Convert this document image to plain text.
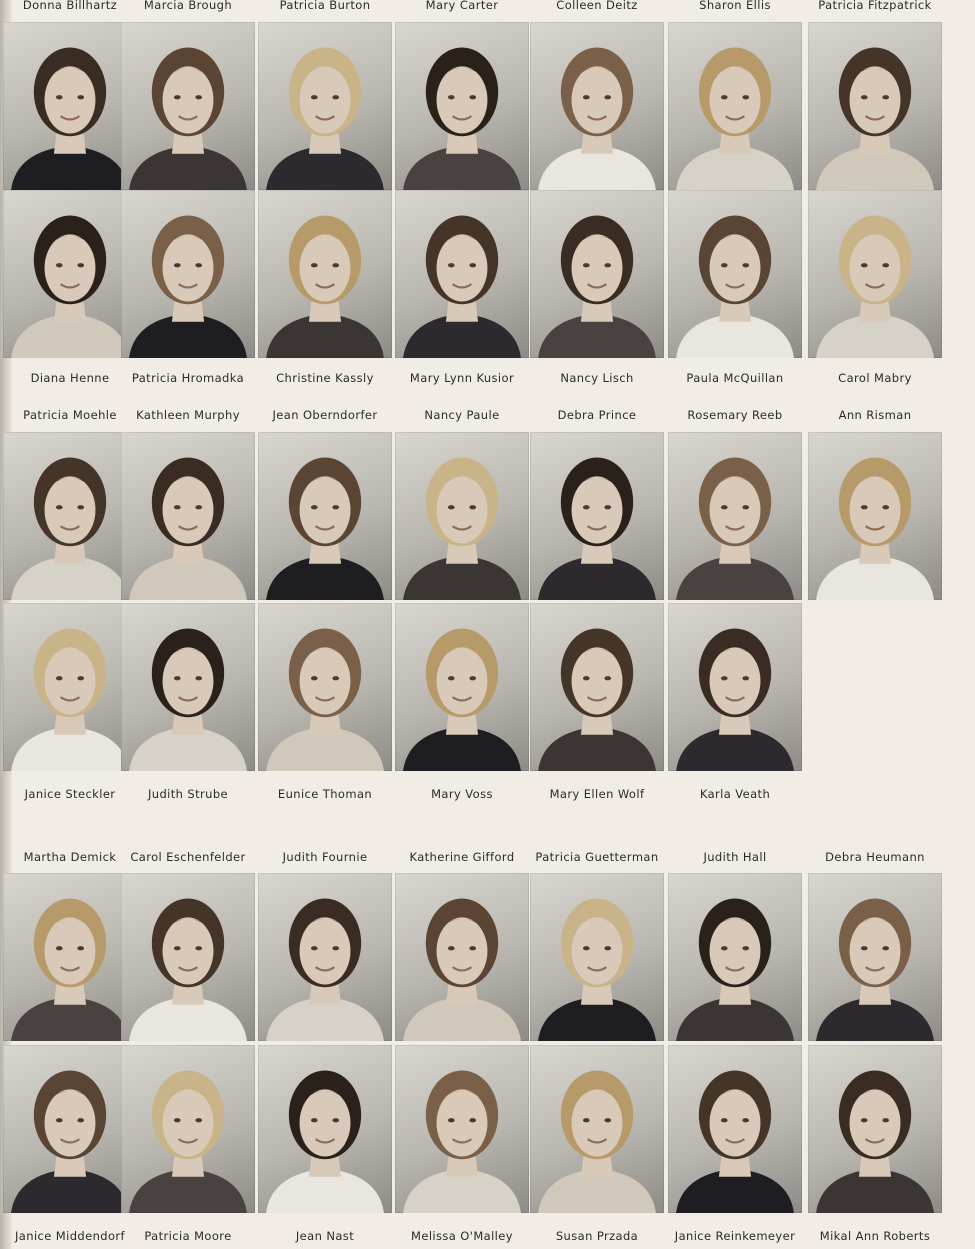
Donna Billhartz	Marcia Brough	Patricia Burton	Mary Carter	Colleen Deitz	Sharon Ellis	Patricia Fitzpatrick
Diana Henne	Patricia Hromadka	Christine Kassly	Mary Lynn Kusior	Nancy Lisch	Paula McQuillan	Carol Mabry
Patricia Moehle	Kathleen Murphy	Jean Oberndorfer	Nancy Paule	Debra Prince	Rosemary Reeb	Ann Risman
Janice Steckler	Judith Strube	Eunice Thoman	Mary Voss	Mary Ellen Wolf	Karla Veath
Martha Demick	Carol Eschenfelder	Judith Fournie	Katherine Gifford	Patricia Guetterman	Judith Hall	Debra Heumann
Janice Middendorf	Patricia Moore	Jean Nast	Melissa O'Malley	Susan Przada	Janice Reinkemeyer	Mikal Ann Roberts
